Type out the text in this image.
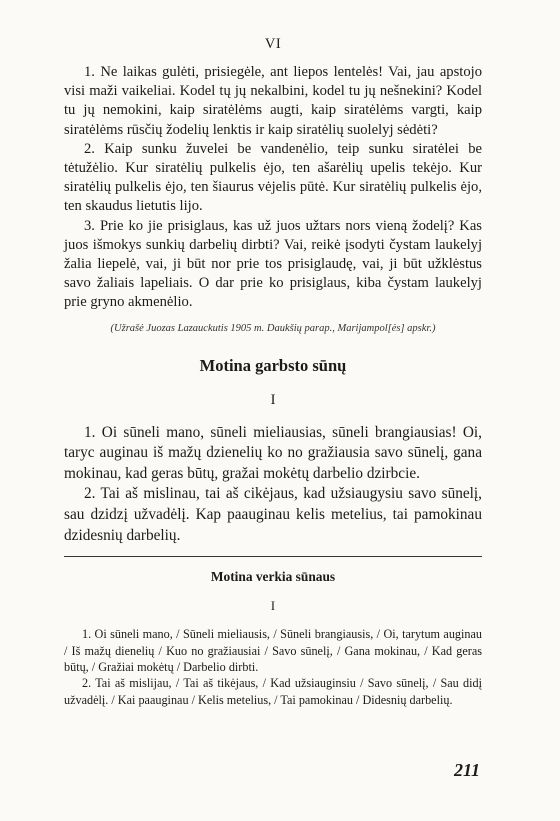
VI

1. Ne laikas gulėti, prisiegėle, ant liepos lentelės! Vai, jau apstojo visi maži vaikeliai. Kodel tų jų nekalbini, kodel tu jų nešnekini? Kodel tu jų nemokini, kaip siratėlėms augti, kaip siratėlėms vargti, kaip siratėlėms rūsčių žodelių lenktis ir kaip siratėlių suolelyj sėdėti?

2. Kaip sunku žuvelei be vandenėlio, teip sunku siratėlei be tėtužėlio. Kur siratėlių pulkelis ėjo, ten ašarėlių upelis tekėjo. Kur siratėlių pulkelis ėjo, ten šiaurus vėjelis pūtė. Kur siratėlių pulkelis ėjo, ten skaudus lietutis lijo.

3. Prie ko jie prisiglaus, kas už juos užtars nors vieną žodelį? Kas juos išmokys sunkių darbelių dirbti? Vai, reikė įsodyti čystam laukelyj žalia liepelė, vai, ji būt nor prie tos prisiglaudę, vai, ji būt užklėstus savo žaliais lapeliais. O dar prie ko prisiglaus, kiba čystam laukelyj prie gryno akmenėlio.

(Užrašė Juozas Lazauckutis 1905 m. Daukšių parap., Marijampol[ės] apskr.)
Motina garbsto sūnų
I

1. Oi sūneli mano, sūneli mieliausias, sūneli brangiausias! Oi, taryc auginau iš mažų dzienelių ko no gražiausia savo sūnelį, gana mokinau, kad geras būtų, gražai mokėtų darbelio dzirbcie.

2. Tai aš mislinau, tai aš cikėjaus, kad užsiaugysiu savo sūnelį, sau dzidzį užvadėlį. Kap paauginau kelis metelius, tai pamokinau dzidesnių darbelių.

Motina verkia sūnaus
I

1. Oi sūneli mano, / Sūneli mieliausis, / Sūneli brangiausis, / Oi, tarytum auginau / Iš mažų dienelių / Kuo no gražiausiai / Savo sūnelį, / Gana mokinau, / Kad geras būtų, / Gražiai mokėtų / Darbelio dirbti.

2. Tai aš mislijau, / Tai aš tikėjaus, / Kad užsiauginsiu / Savo sūnelį, / Sau didį užvadėlį. / Kai paauginau / Kelis metelius, / Tai pamokinau / Didesnių darbelių.

211
